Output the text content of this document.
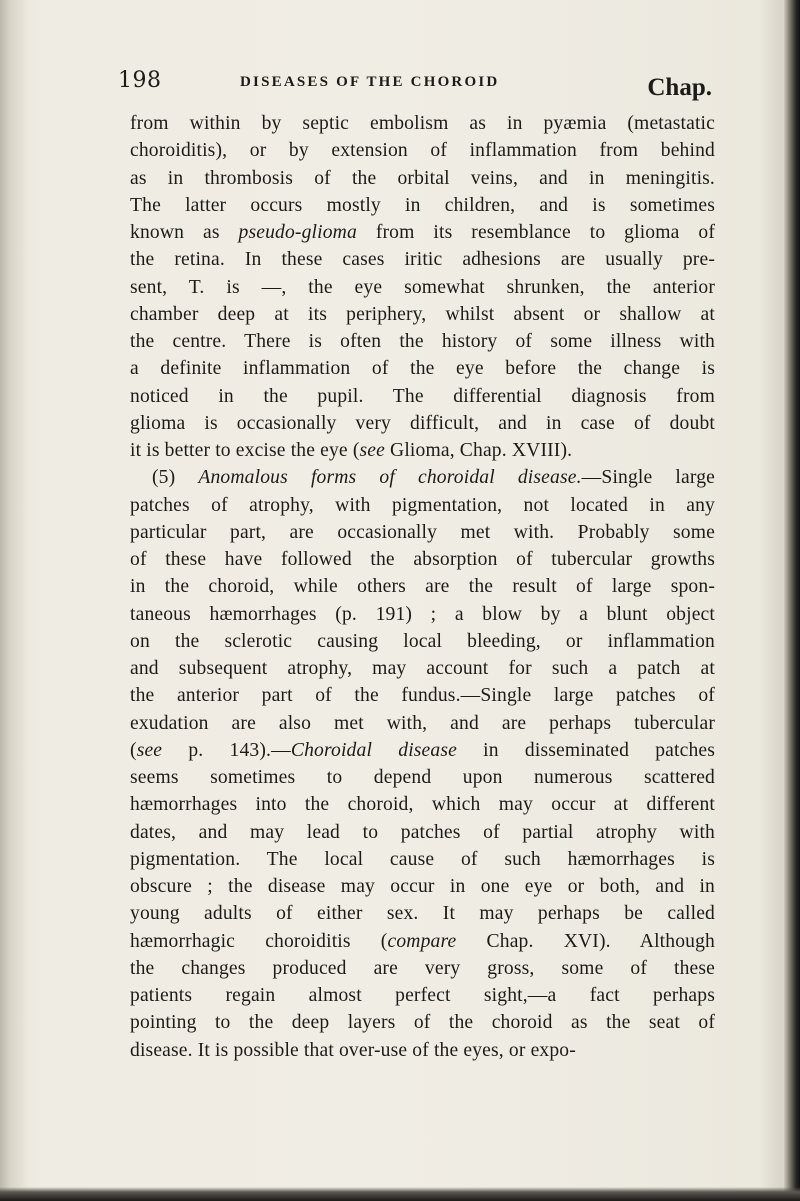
198	DISEASES OF THE CHOROID	Chap.
from within by septic embolism as in pyæmia (metastatic
choroiditis), or by extension of inflammation from behind
as in thrombosis of the orbital veins, and in meningitis.
The latter occurs mostly in children, and is sometimes
known as pseudo-glioma from its resemblance to glioma of
the retina. In these cases iritic adhesions are usually pre-
sent, T. is —, the eye somewhat shrunken, the anterior
chamber deep at its periphery, whilst absent or shallow at
the centre. There is often the history of some illness with
a definite inflammation of the eye before the change is
noticed in the pupil. The differential diagnosis from
glioma is occasionally very difficult, and in case of doubt
it is better to excise the eye (see Glioma, Chap. XVIII).
(5) Anomalous forms of choroidal disease.—Single large
patches of atrophy, with pigmentation, not located in any
particular part, are occasionally met with. Probably some
of these have followed the absorption of tubercular growths
in the choroid, while others are the result of large spon-
taneous hæmorrhages (p. 191) ; a blow by a blunt object
on the sclerotic causing local bleeding, or inflammation
and subsequent atrophy, may account for such a patch at
the anterior part of the fundus.—Single large patches of
exudation are also met with, and are perhaps tubercular
(see p. 143).—Choroidal disease in disseminated patches
seems sometimes to depend upon numerous scattered
hæmorrhages into the choroid, which may occur at different
dates, and may lead to patches of partial atrophy with
pigmentation. The local cause of such hæmorrhages is
obscure ; the disease may occur in one eye or both, and in
young adults of either sex. It may perhaps be called
hæmorrhagic choroiditis (compare Chap. XVI). Although
the changes produced are very gross, some of these
patients regain almost perfect sight,—a fact perhaps
pointing to the deep layers of the choroid as the seat of
disease. It is possible that over-use of the eyes, or expo-
